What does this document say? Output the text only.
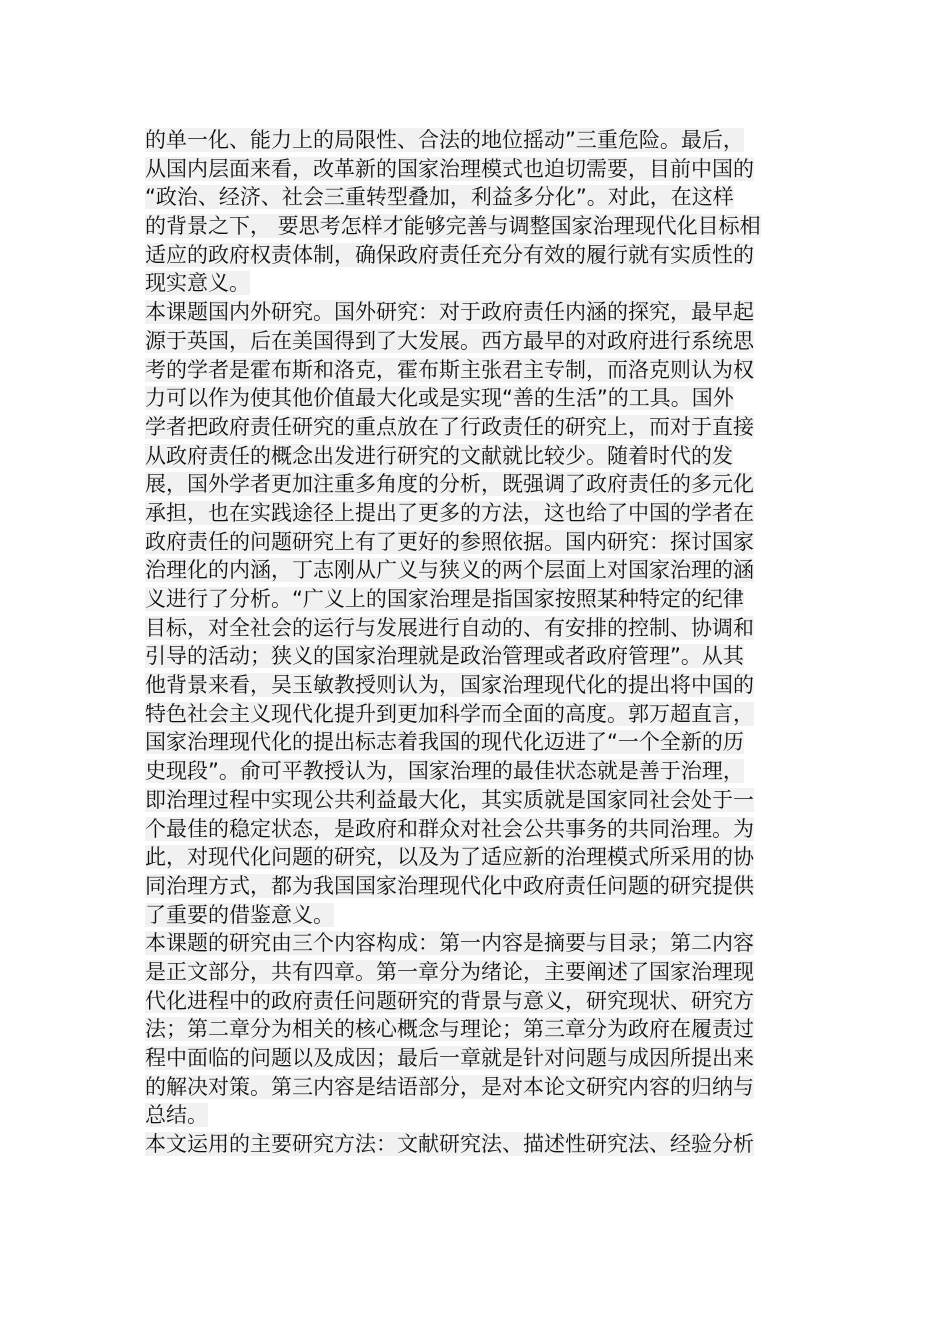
的单一化、能力上的局限性、合法的地位摇动”三重危险。最后，
从国内层面来看，改革新的国家治理模式也迫切需要，目前中国的
“政治、经济、社会三重转型叠加，利益多分化”。对此，在这样
的背景之下， 要思考怎样才能够完善与调整国家治理现代化目标相
适应的政府权责体制，确保政府责任充分有效的履行就有实质性的
现实意义。
本课题国内外研究。国外研究：对于政府责任内涵的探究，最早起
源于英国，后在美国得到了大发展。西方最早的对政府进行系统思
考的学者是霍布斯和洛克，霍布斯主张君主专制，而洛克则认为权
力可以作为使其他价值最大化或是实现“善的生活”的工具。国外
学者把政府责任研究的重点放在了行政责任的研究上，而对于直接
从政府责任的概念出发进行研究的文献就比较少。随着时代的发
展，国外学者更加注重多角度的分析，既强调了政府责任的多元化
承担，也在实践途径上提出了更多的方法，这也给了中国的学者在
政府责任的问题研究上有了更好的参照依据。国内研究：探讨国家
治理化的内涵，丁志刚从广义与狭义的两个层面上对国家治理的涵
义进行了分析。“广义上的国家治理是指国家按照某种特定的纪律
目标，对全社会的运行与发展进行自动的、有安排的控制、协调和
引导的活动；狭义的国家治理就是政治管理或者政府管理”。从其
他背景来看，吴玉敏教授则认为，国家治理现代化的提出将中国的
特色社会主义现代化提升到更加科学而全面的高度。郭万超直言，
国家治理现代化的提出标志着我国的现代化迈进了“一个全新的历
史现段”。俞可平教授认为，国家治理的最佳状态就是善于治理，
即治理过程中实现公共利益最大化，其实质就是国家同社会处于一
个最佳的稳定状态，是政府和群众对社会公共事务的共同治理。为
此，对现代化问题的研究，以及为了适应新的治理模式所采用的协
同治理方式，都为我国国家治理现代化中政府责任问题的研究提供
了重要的借鉴意义。
本课题的研究由三个内容构成：第一内容是摘要与目录；第二内容
是正文部分，共有四章。第一章分为绪论，主要阐述了国家治理现
代化进程中的政府责任问题研究的背景与意义，研究现状、研究方
法；第二章分为相关的核心概念与理论；第三章分为政府在履责过
程中面临的问题以及成因；最后一章就是针对问题与成因所提出来
的解决对策。第三内容是结语部分，是对本论文研究内容的归纳与
总结。
本文运用的主要研究方法：文献研究法、描述性研究法、经验分析
